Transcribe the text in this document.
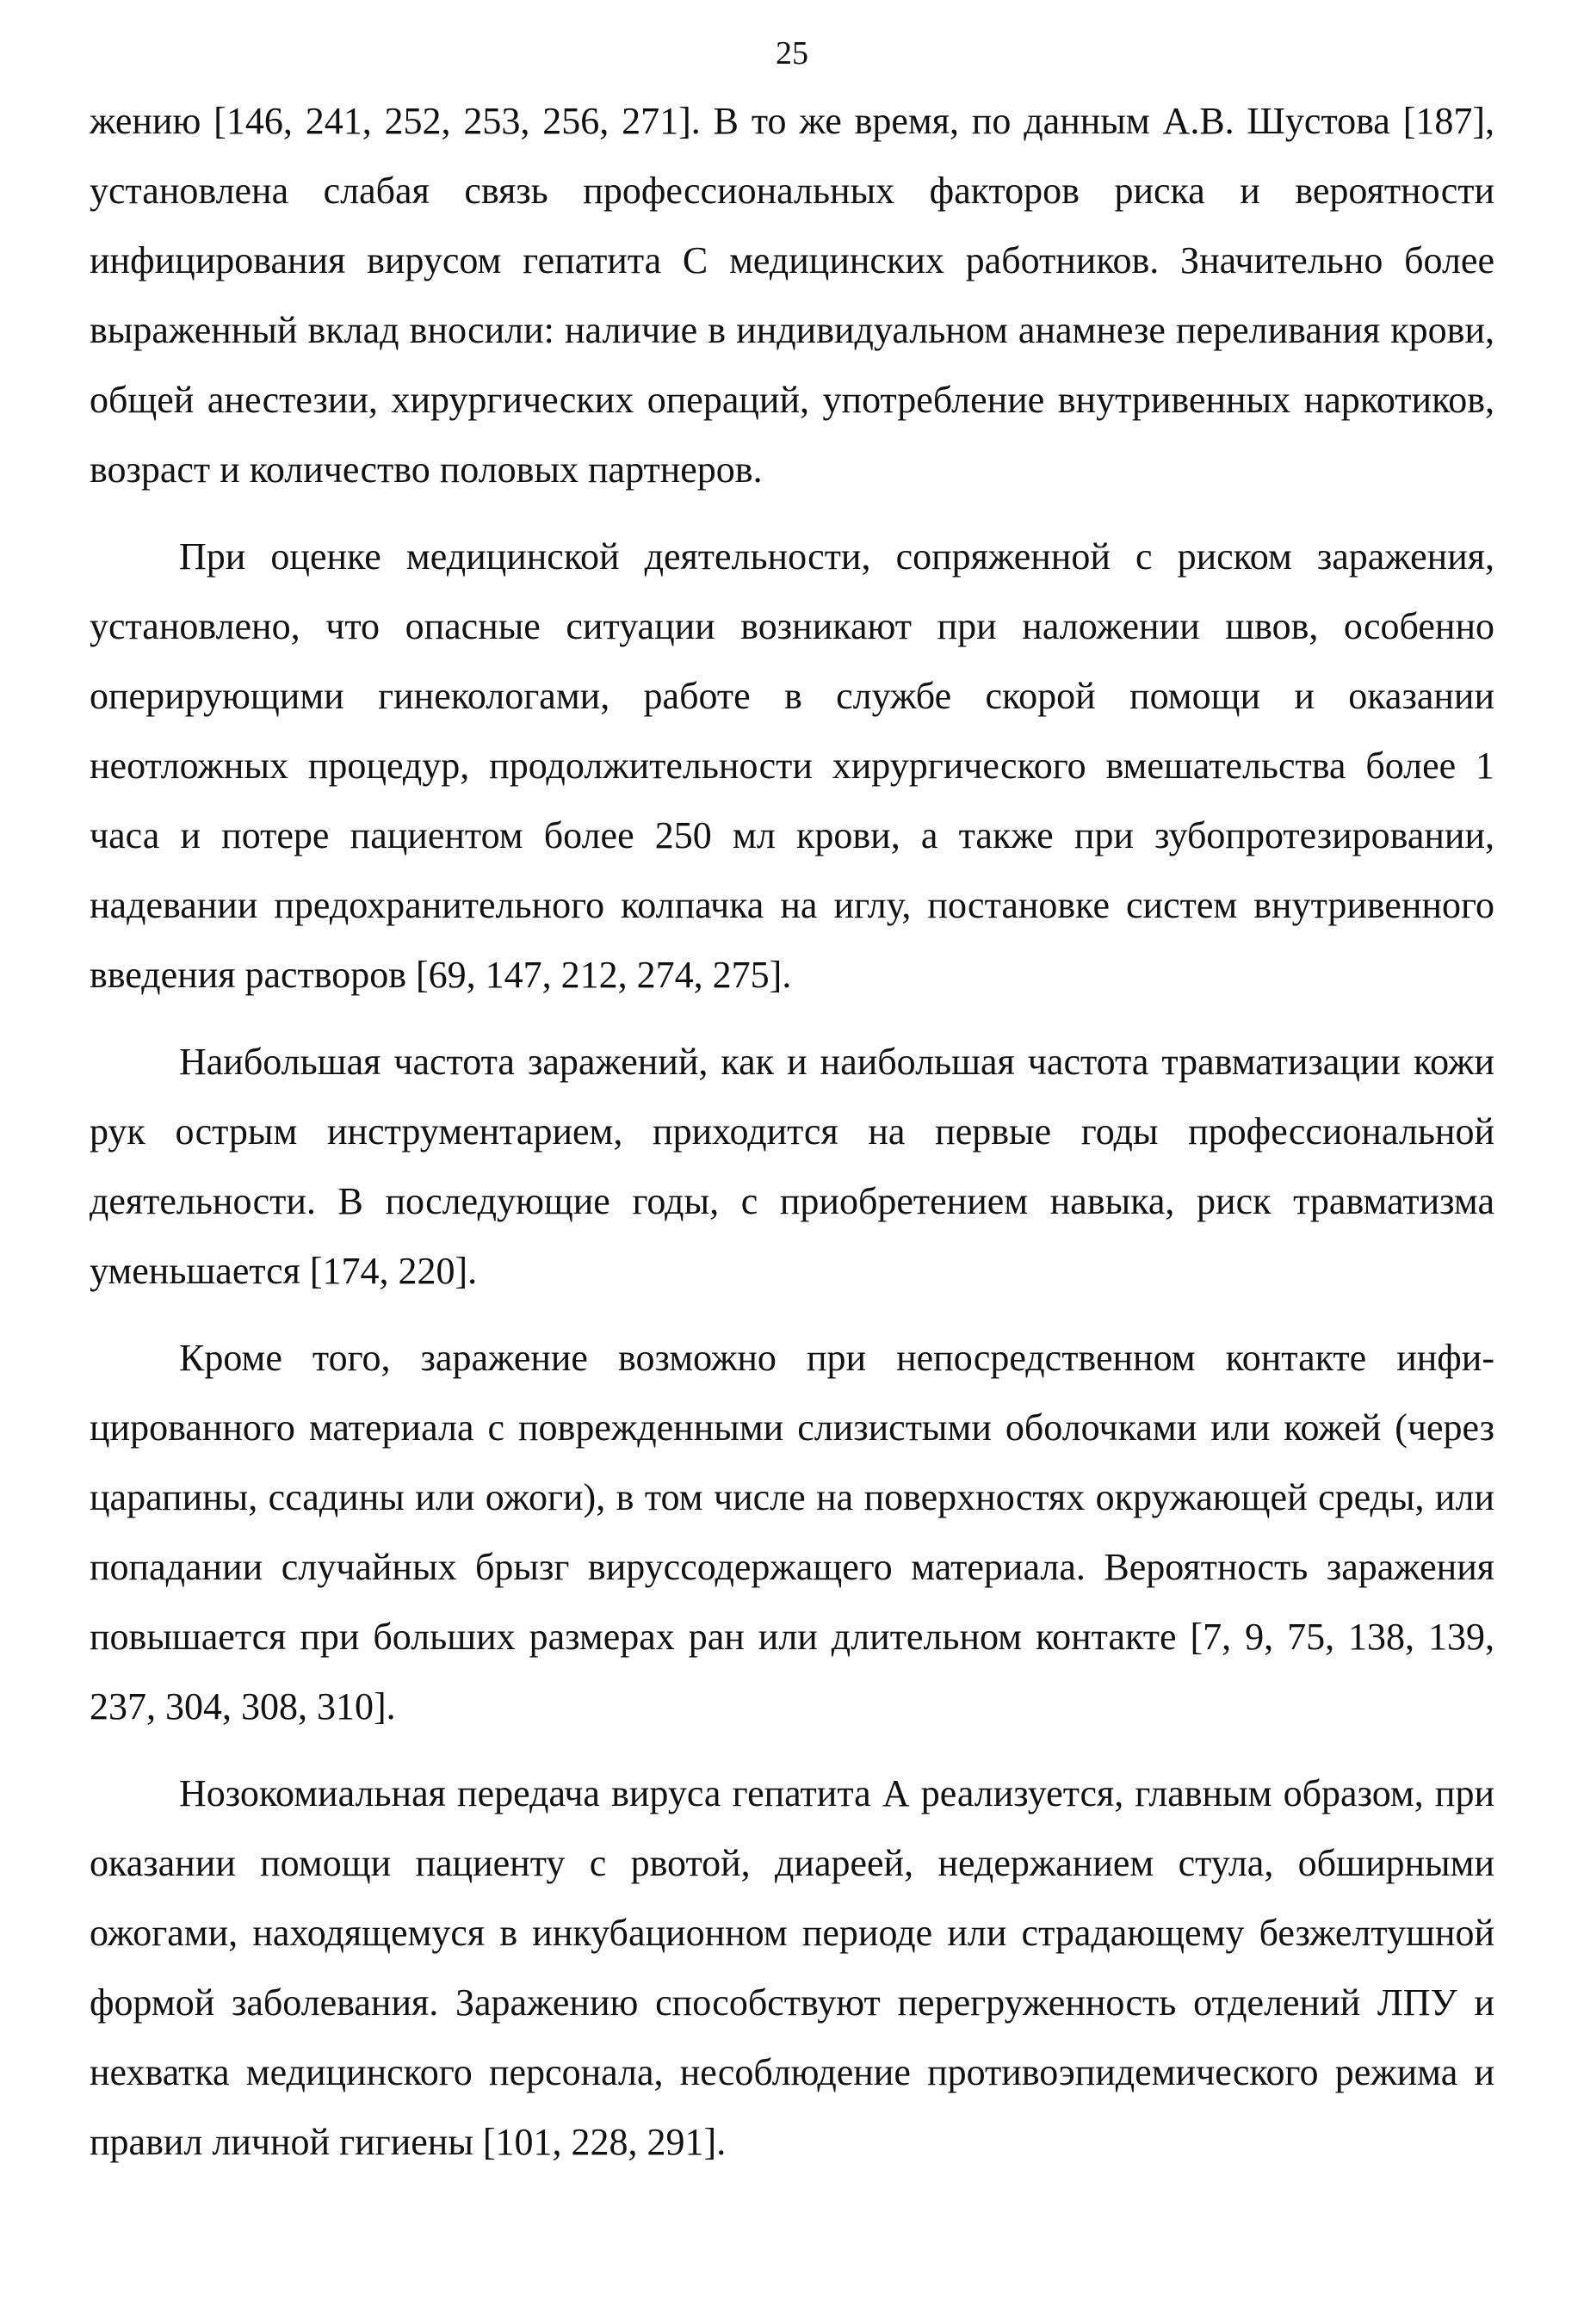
25

жению [146, 241, 252, 253, 256, 271]. В то же время, по данным А.В. Шустова [187], установлена слабая связь профессиональных факторов риска и вероятности инфицирования вирусом гепатита С медицинских работников. Значительно более выраженный вклад вносили: наличие в индивидуальном анамнезе переливания крови, общей анестезии, хирургических операций, употребление внутривенных наркотиков, возраст и количество половых партнеров.

При оценке медицинской деятельности, сопряженной с риском заражения, установлено, что опасные ситуации возникают при наложении швов, особенно оперирующими гинекологами, работе в службе скорой помощи и оказании неотложных процедур, продолжительности хирургического вмешательства более 1 часа и потере пациентом более 250 мл крови, а также при зубопротезировании, надевании предохранительного колпачка на иглу, постановке систем внутривенного введения растворов [69, 147, 212, 274, 275].

Наибольшая частота заражений, как и наибольшая частота травматизации кожи рук острым инструментарием, приходится на первые годы профессиональной деятельности. В последующие годы, с приобретением навыка, риск травматизма уменьшается [174, 220].

Кроме того, заражение возможно при непосредственном контакте инфицированного материала с поврежденными слизистыми оболочками или кожей (через царапины, ссадины или ожоги), в том числе на поверхностях окружающей среды, или попадании случайных брызг вируссодержащего материала. Вероятность заражения повышается при больших размерах ран или длительном контакте [7, 9, 75, 138, 139, 237, 304, 308, 310].

Нозокомиальная передача вируса гепатита А реализуется, главным образом, при оказании помощи пациенту с рвотой, диареей, недержанием стула, обширными ожогами, находящемуся в инкубационном периоде или страдающему безжелтушной формой заболевания. Заражению способствуют перегруженность отделений ЛПУ и нехватка медицинского персонала, несоблюдение противоэпидемического режима и правил личной гигиены [101, 228, 291].
